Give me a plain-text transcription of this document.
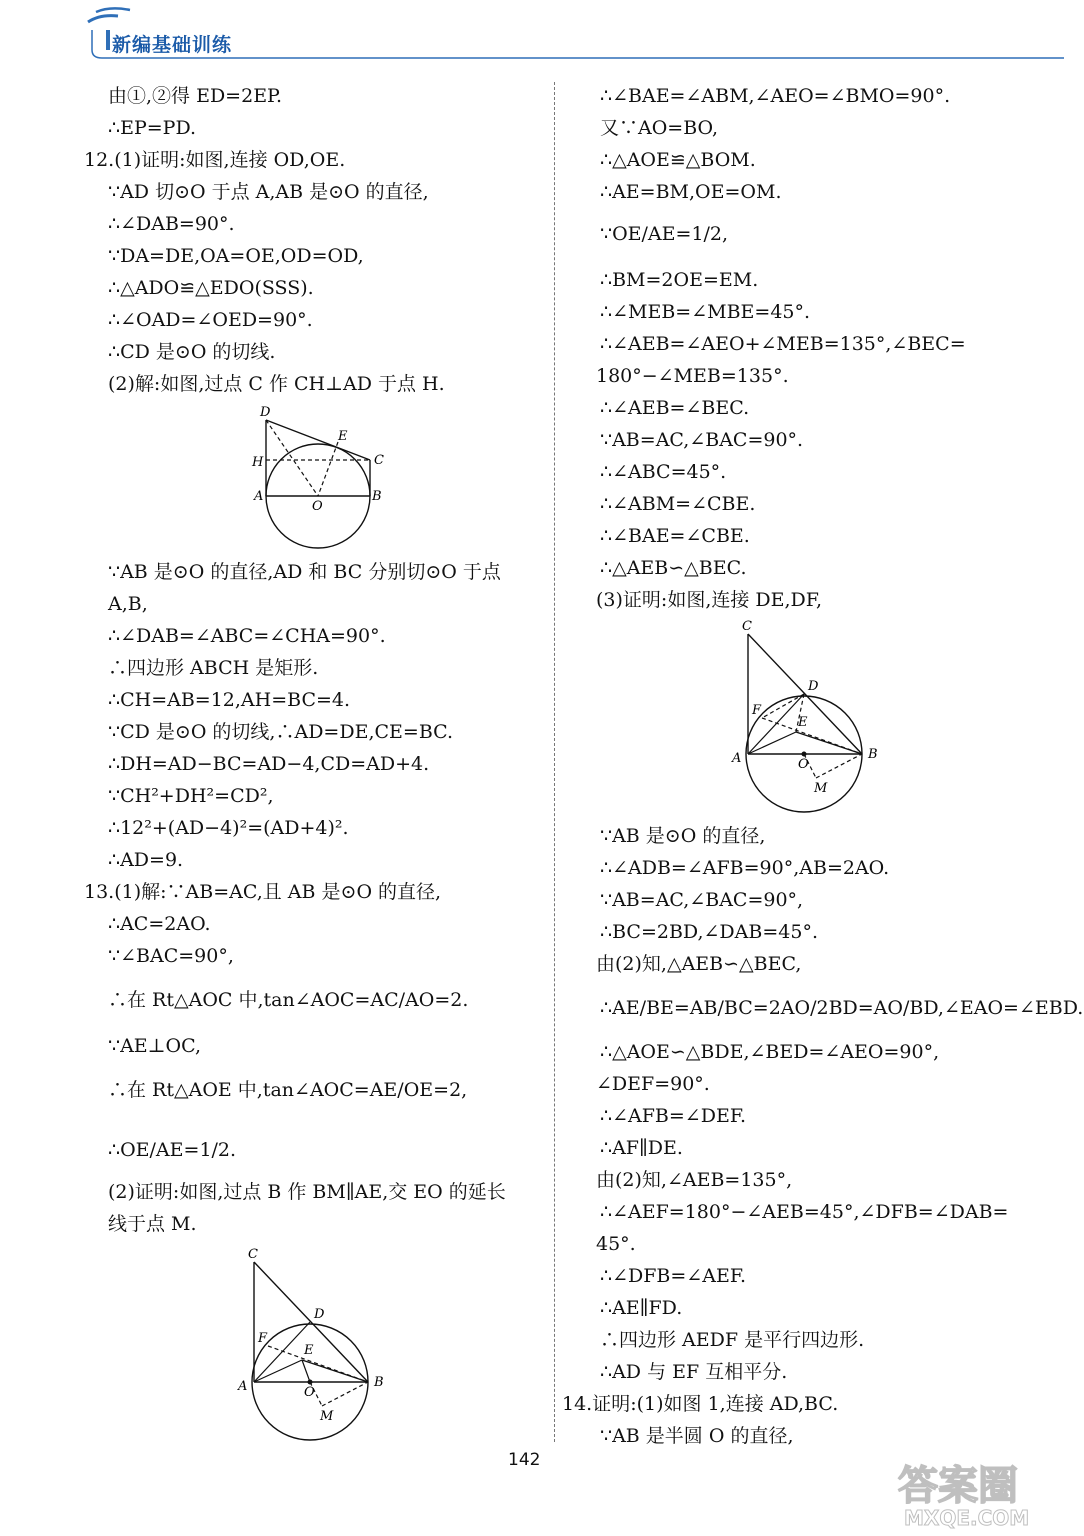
新编基础训练
由①,②得 ED=2EP.
∴EP=PD.
12.(1)证明:如图,连接 OD,OE.
∵AD 切⊙O 于点 A,AB 是⊙O 的直径,
∴∠DAB=90°.
∵DA=DE,OA=OE,OD=OD,
∴△ADO≌△EDO(SSS).
∴∠OAD=∠OED=90°.
∴CD 是⊙O 的切线.
(2)解:如图,过点 C 作 CH⊥AD 于点 H.
D
E
H	C
A
O
B
∵AB 是⊙O 的直径,AD 和 BC 分别切⊙O 于点
A,B,
∴∠DAB=∠ABC=∠CHA=90°.
∴四边形 ABCH 是矩形.
∴CH=AB=12,AH=BC=4.
∵CD 是⊙O 的切线,∴AD=DE,CE=BC.
∴DH=AD−BC=AD−4,CD=AD+4.
∵CH²+DH²=CD²,
∴12²+(AD−4)²=(AD+4)².
∴AD=9.
13.(1)解:∵AB=AC,且 AB 是⊙O 的直径,
∴AC=2AO.
∵∠BAC=90°,
∴在 Rt△AOC 中,tan∠AOC=AC/AO=2.
∵AE⊥OC,
∴在 Rt△AOE 中,tan∠AOC=AE/OE=2,
∴OE/AE=1/2.
(2)证明:如图,过点 B 作 BM∥AE,交 EO 的延长
线于点 M.
C
D
F
E
A	O
B
M
∴∠BAE=∠ABM,∠AEO=∠BMO=90°.
又∵AO=BO,
∴△AOE≌△BOM.
∴AE=BM,OE=OM.
∵OE/AE=1/2,
∴BM=2OE=EM.
∴∠MEB=∠MBE=45°.
∴∠AEB=∠AEO+∠MEB=135°,∠BEC=
180°−∠MEB=135°.
∴∠AEB=∠BEC.
∵AB=AC,∠BAC=90°.
∴∠ABC=45°.
∴∠ABM=∠CBE.
∴∠BAE=∠CBE.
∴△AEB∽△BEC.
(3)证明:如图,连接 DE,DF,
C
D
F
E
A	O
B
M
∵AB 是⊙O 的直径,
∴∠ADB=∠AFB=90°,AB=2AO.
∵AB=AC,∠BAC=90°,
∴BC=2BD,∠DAB=45°.
由(2)知,△AEB∽△BEC,
∴AE/BE=AB/BC=2AO/2BD=AO/BD,∠EAO=∠EBD.
∴△AOE∽△BDE,∠BED=∠AEO=90°,
∠DEF=90°.
∴∠AFB=∠DEF.
∴AF∥DE.
由(2)知,∠AEB=135°,
∴∠AEF=180°−∠AEB=45°,∠DFB=∠DAB=
45°.
∴∠DFB=∠AEF.
∴AE∥FD.
∴四边形 AEDF 是平行四边形.
∴AD 与 EF 互相平分.
14.证明:(1)如图 1,连接 AD,BC.
∵AB 是半圆 O 的直径,
142
答案圈
MXQE.COM
